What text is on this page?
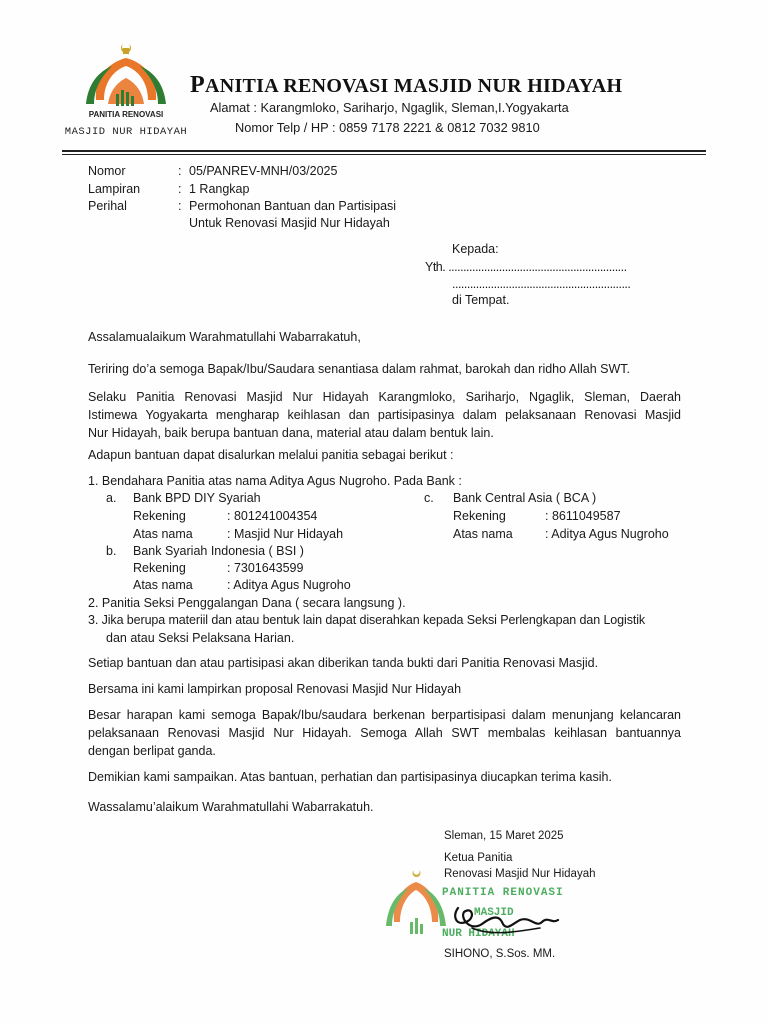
PANITIA RENOVASI
MASJID NUR HIDAYAH
PANITIA RENOVASI MASJID NUR HIDAYAH
Alamat : Karangmloko, Sariharjo, Ngaglik, Sleman,I.Yogyakarta
Nomor Telp / HP : 0859 7178 2221 & 0812 7032 9810
Nomor	: 05/PANREV-MNH/03/2025
Lampiran	: 1 Rangkap
Perihal	: Permohonan Bantuan dan Partisipasi
Untuk Renovasi Masjid Nur Hidayah
Kepada:
Yth. ............................................................
............................................................
di Tempat.
Assalamualaikum Warahmatullahi Wabarrakatuh,
Teriring do’a semoga Bapak/Ibu/Saudara senantiasa dalam rahmat, barokah dan ridho Allah SWT.
Selaku Panitia Renovasi Masjid Nur Hidayah Karangmloko, Sariharjo, Ngaglik, Sleman, Daerah
Istimewa Yogyakarta mengharap keihlasan dan partisipasinya dalam pelaksanaan Renovasi Masjid
Nur Hidayah, baik berupa bantuan dana, material atau dalam bentuk lain.
Adapun bantuan dapat disalurkan melalui panitia sebagai berikut :
1. Bendahara Panitia atas nama Aditya Agus Nugroho. Pada Bank :
a. Bank BPD DIY Syariah
Rekening	: 801241004354
Atas nama	: Masjid Nur Hidayah
c. Bank Central Asia ( BCA )
Rekening	: 8611049587
Atas nama	: Aditya Agus Nugroho
b. Bank Syariah Indonesia ( BSI )
Rekening	: 7301643599
Atas nama	: Aditya Agus Nugroho
2. Panitia Seksi Penggalangan Dana ( secara langsung ).
3. Jika berupa materiil dan atau bentuk lain dapat diserahkan kepada Seksi Perlengkapan dan Logistik
dan atau Seksi Pelaksana Harian.
Setiap bantuan dan atau partisipasi akan diberikan tanda bukti dari Panitia Renovasi Masjid.
Bersama ini kami lampirkan proposal Renovasi Masjid Nur Hidayah
Besar harapan kami semoga Bapak/Ibu/saudara berkenan berpartisipasi dalam menunjang kelancaran
pelaksanaan Renovasi Masjid Nur Hidayah. Semoga Allah SWT membalas keihlasan bantuannya
dengan berlipat ganda.
Demikian kami sampaikan. Atas bantuan, perhatian dan partisipasinya diucapkan terima kasih.
Wassalamu’alaikum Warahmatullahi Wabarrakatuh.
Sleman, 15 Maret 2025
Ketua Panitia
Renovasi Masjid Nur Hidayah
PANITIA RENOVASI
MASJID
NUR HIDAYAH
SIHONO, S.Sos. MM.
